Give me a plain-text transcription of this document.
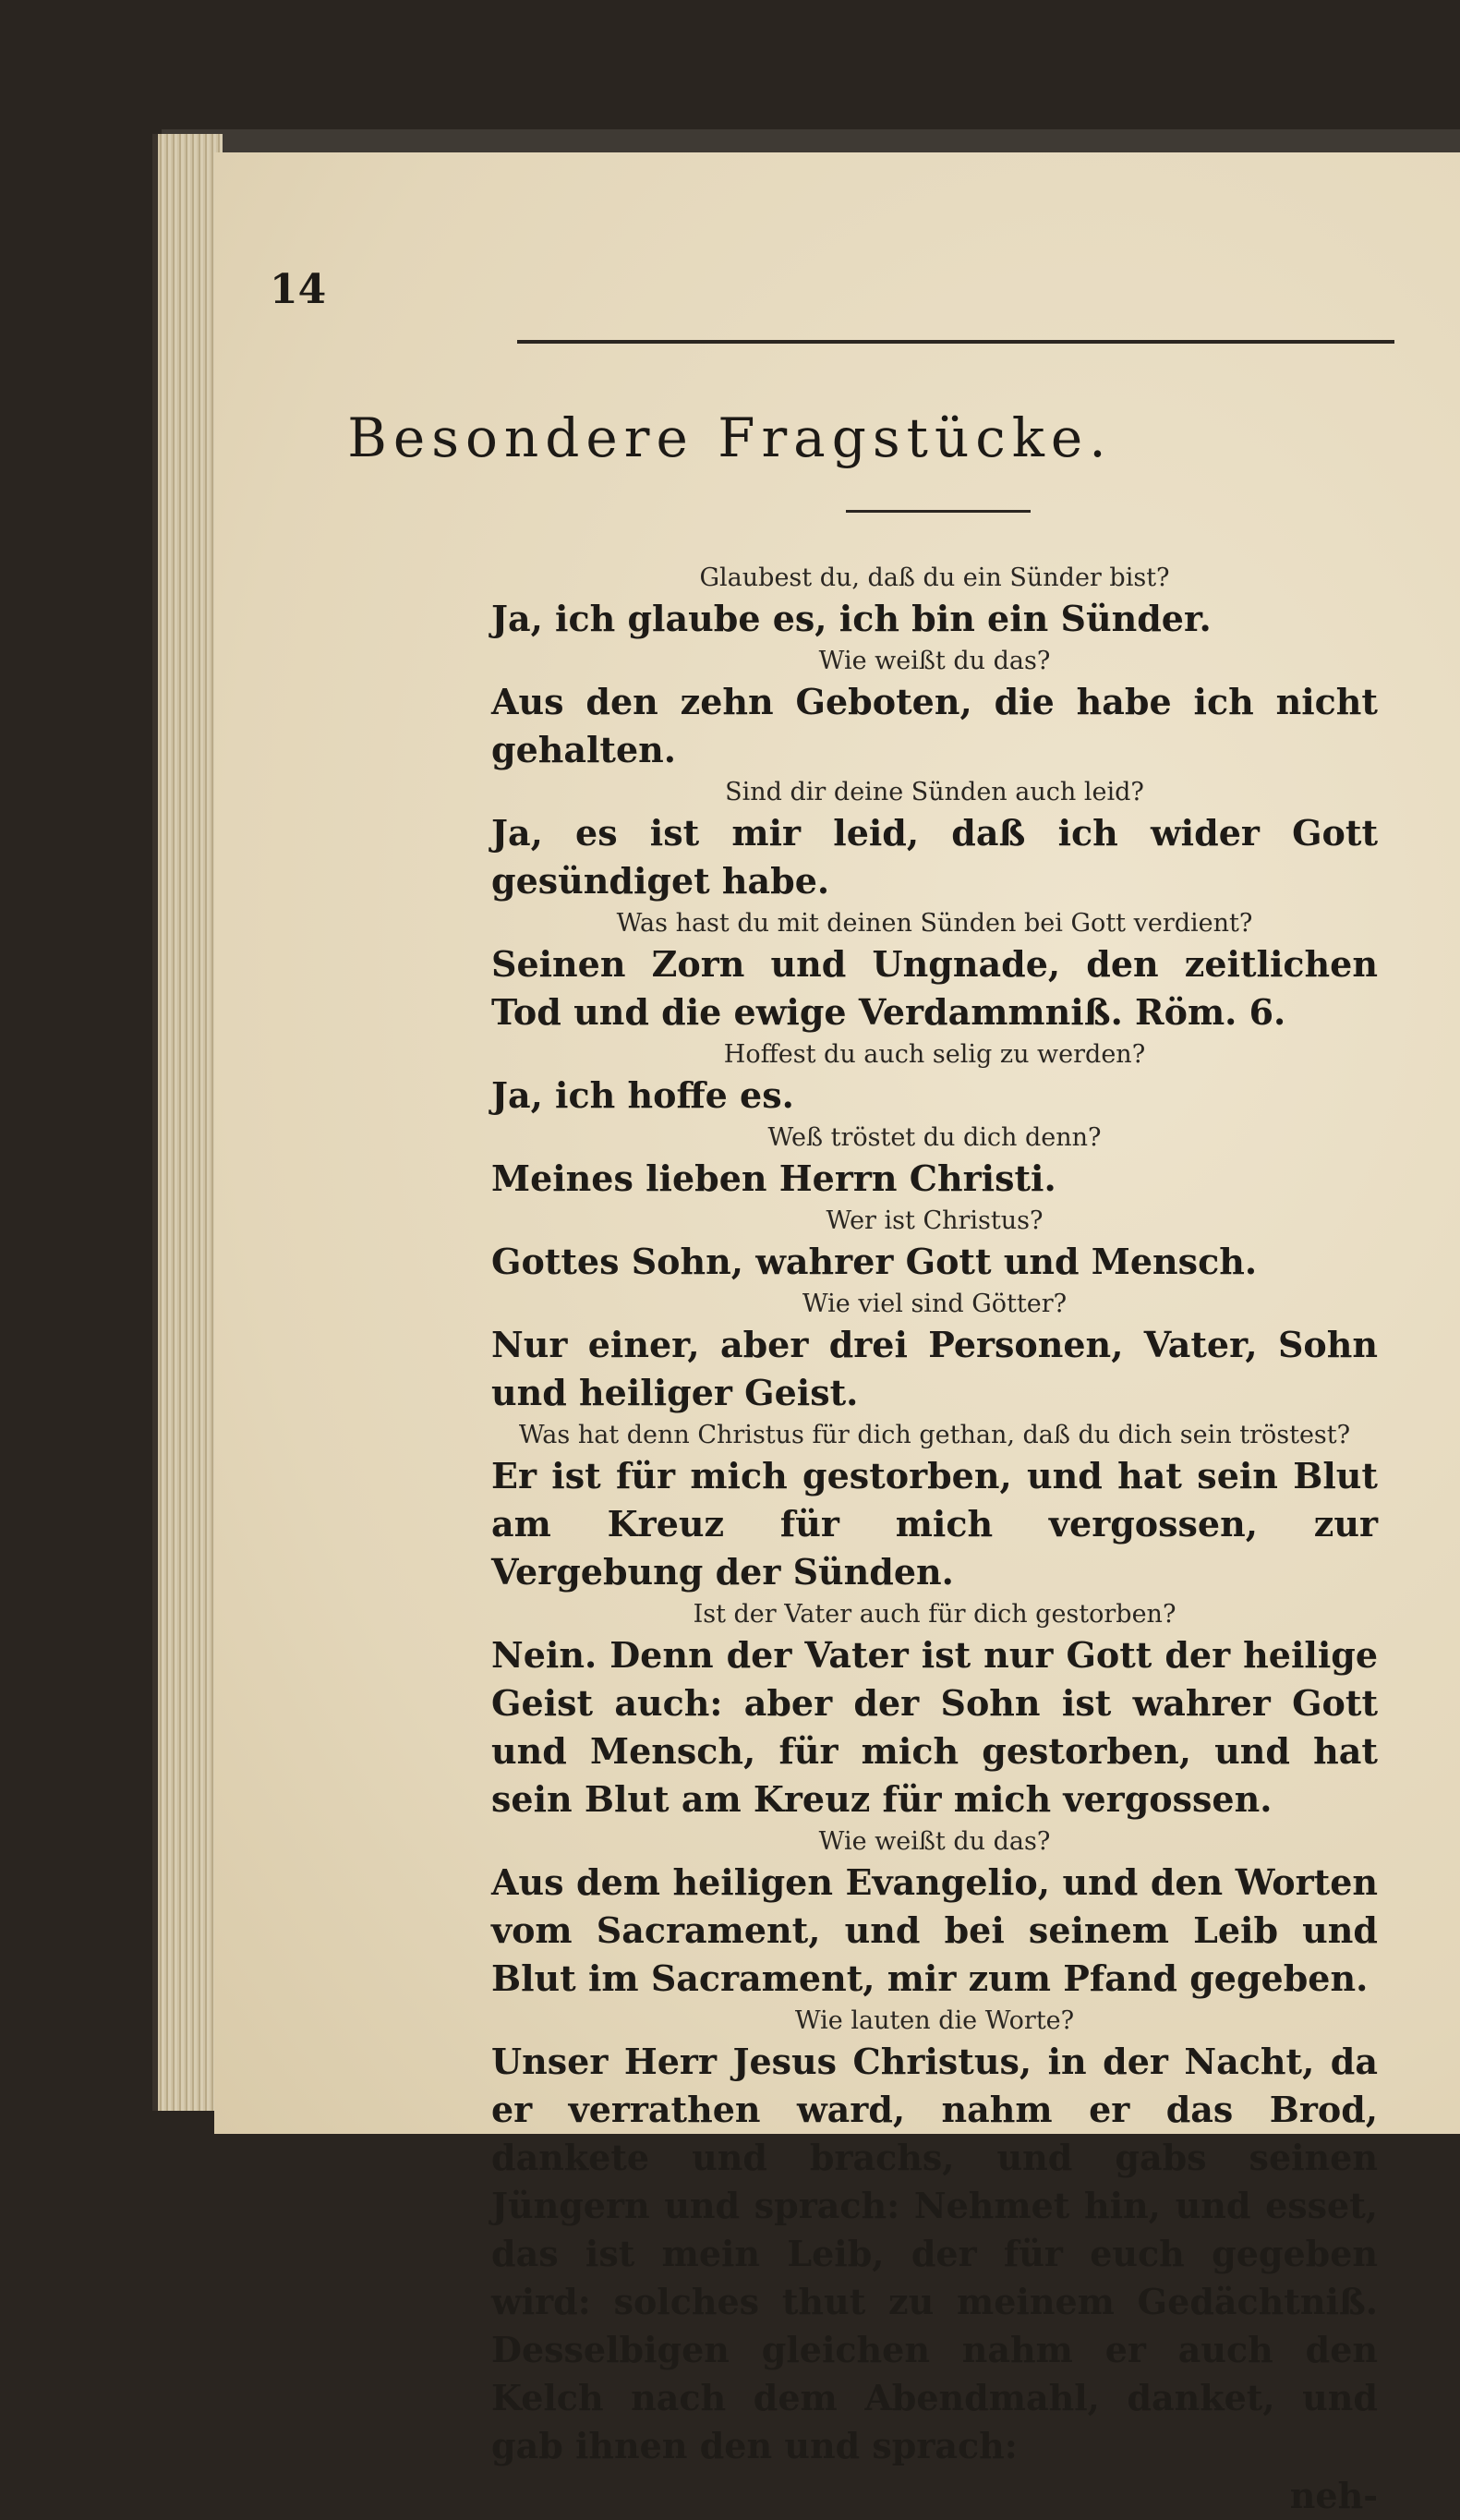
14
Besondere Fragstücke.

Glaubest du, daß du ein Sünder bist?

Ja, ich glaube es, ich bin ein Sünder.

Wie weißt du das?

Aus den zehn Geboten, die habe ich nicht gehalten.

Sind dir deine Sünden auch leid?

Ja, es ist mir leid, daß ich wider Gott gesündiget habe.

Was hast du mit deinen Sünden bei Gott verdient?

Seinen Zorn und Ungnade, den zeitlichen Tod und die ewige Verdammniß. Röm. 6.

Hoffest du auch selig zu werden?

Ja, ich hoffe es.

Weß tröstet du dich denn?

Meines lieben Herrn Christi.

Wer ist Christus?

Gottes Sohn, wahrer Gott und Mensch.

Wie viel sind Götter?

Nur einer, aber drei Personen, Vater, Sohn und heiliger Geist.

Was hat denn Christus für dich gethan, daß du dich sein tröstest?

Er ist für mich gestorben, und hat sein Blut am Kreuz für mich vergossen, zur Vergebung der Sünden.

Ist der Vater auch für dich gestorben?

Nein. Denn der Vater ist nur Gott der heilige Geist auch: aber der Sohn ist wahrer Gott und Mensch, für mich gestorben, und hat sein Blut am Kreuz für mich vergossen.

Wie weißt du das?

Aus dem heiligen Evangelio, und den Worten vom Sacrament, und bei seinem Leib und Blut im Sacrament, mir zum Pfand gegeben.

Wie lauten die Worte?

Unser Herr Jesus Christus, in der Nacht, da er verrathen ward, nahm er das Brod, dankete und brachs, und gabs seinen Jüngern und sprach: Nehmet hin, und esset, das ist mein Leib, der für euch gegeben wird: solches thut zu meinem Gedächtniß. Desselbigen gleichen nahm er auch den Kelch nach dem Abendmahl, danket, und gab ihnen den und sprach:

neh-
